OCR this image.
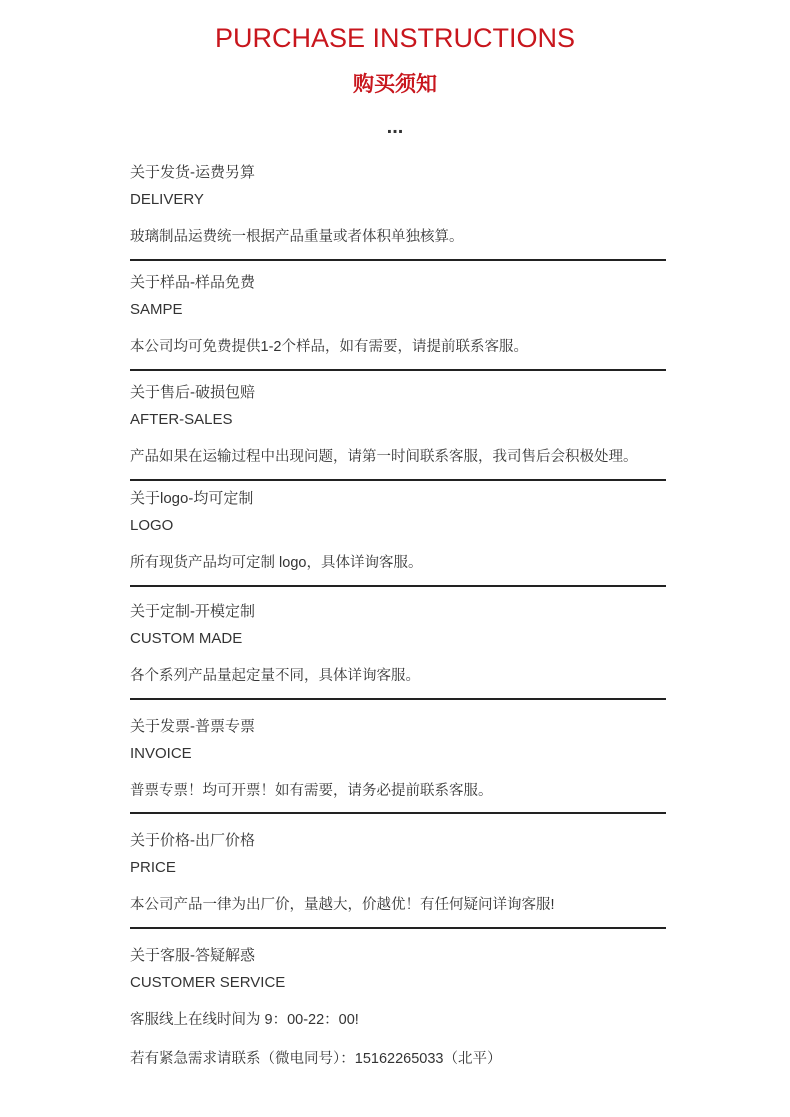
PURCHASE INSTRUCTIONS
购买须知
...
关于发货-运费另算
DELIVERY
玻璃制品运费统一根据产品重量或者体积单独核算。
关于样品-样品免费
SAMPE
本公司均可免费提供1-2个样品，如有需要，请提前联系客服。
关于售后-破损包赔
AFTER-SALES
产品如果在运输过程中出现问题，请第一时间联系客服，我司售后会积极处理。
关于logo-均可定制
LOGO
所有现货产品均可定制 logo，具体详询客服。
关于定制-开模定制
CUSTOM MADE
各个系列产品量起定量不同，具体详询客服。
关于发票-普票专票
INVOICE
普票专票！均可开票！如有需要，请务必提前联系客服。
关于价格-出厂价格
PRICE
本公司产品一律为出厂价，量越大，价越优！有任何疑问详询客服!
关于客服-答疑解惑
CUSTOMER SERVICE
客服线上在线时间为 9：00-22：00!
若有紧急需求请联系（微电同号）：15162265033（北平）
